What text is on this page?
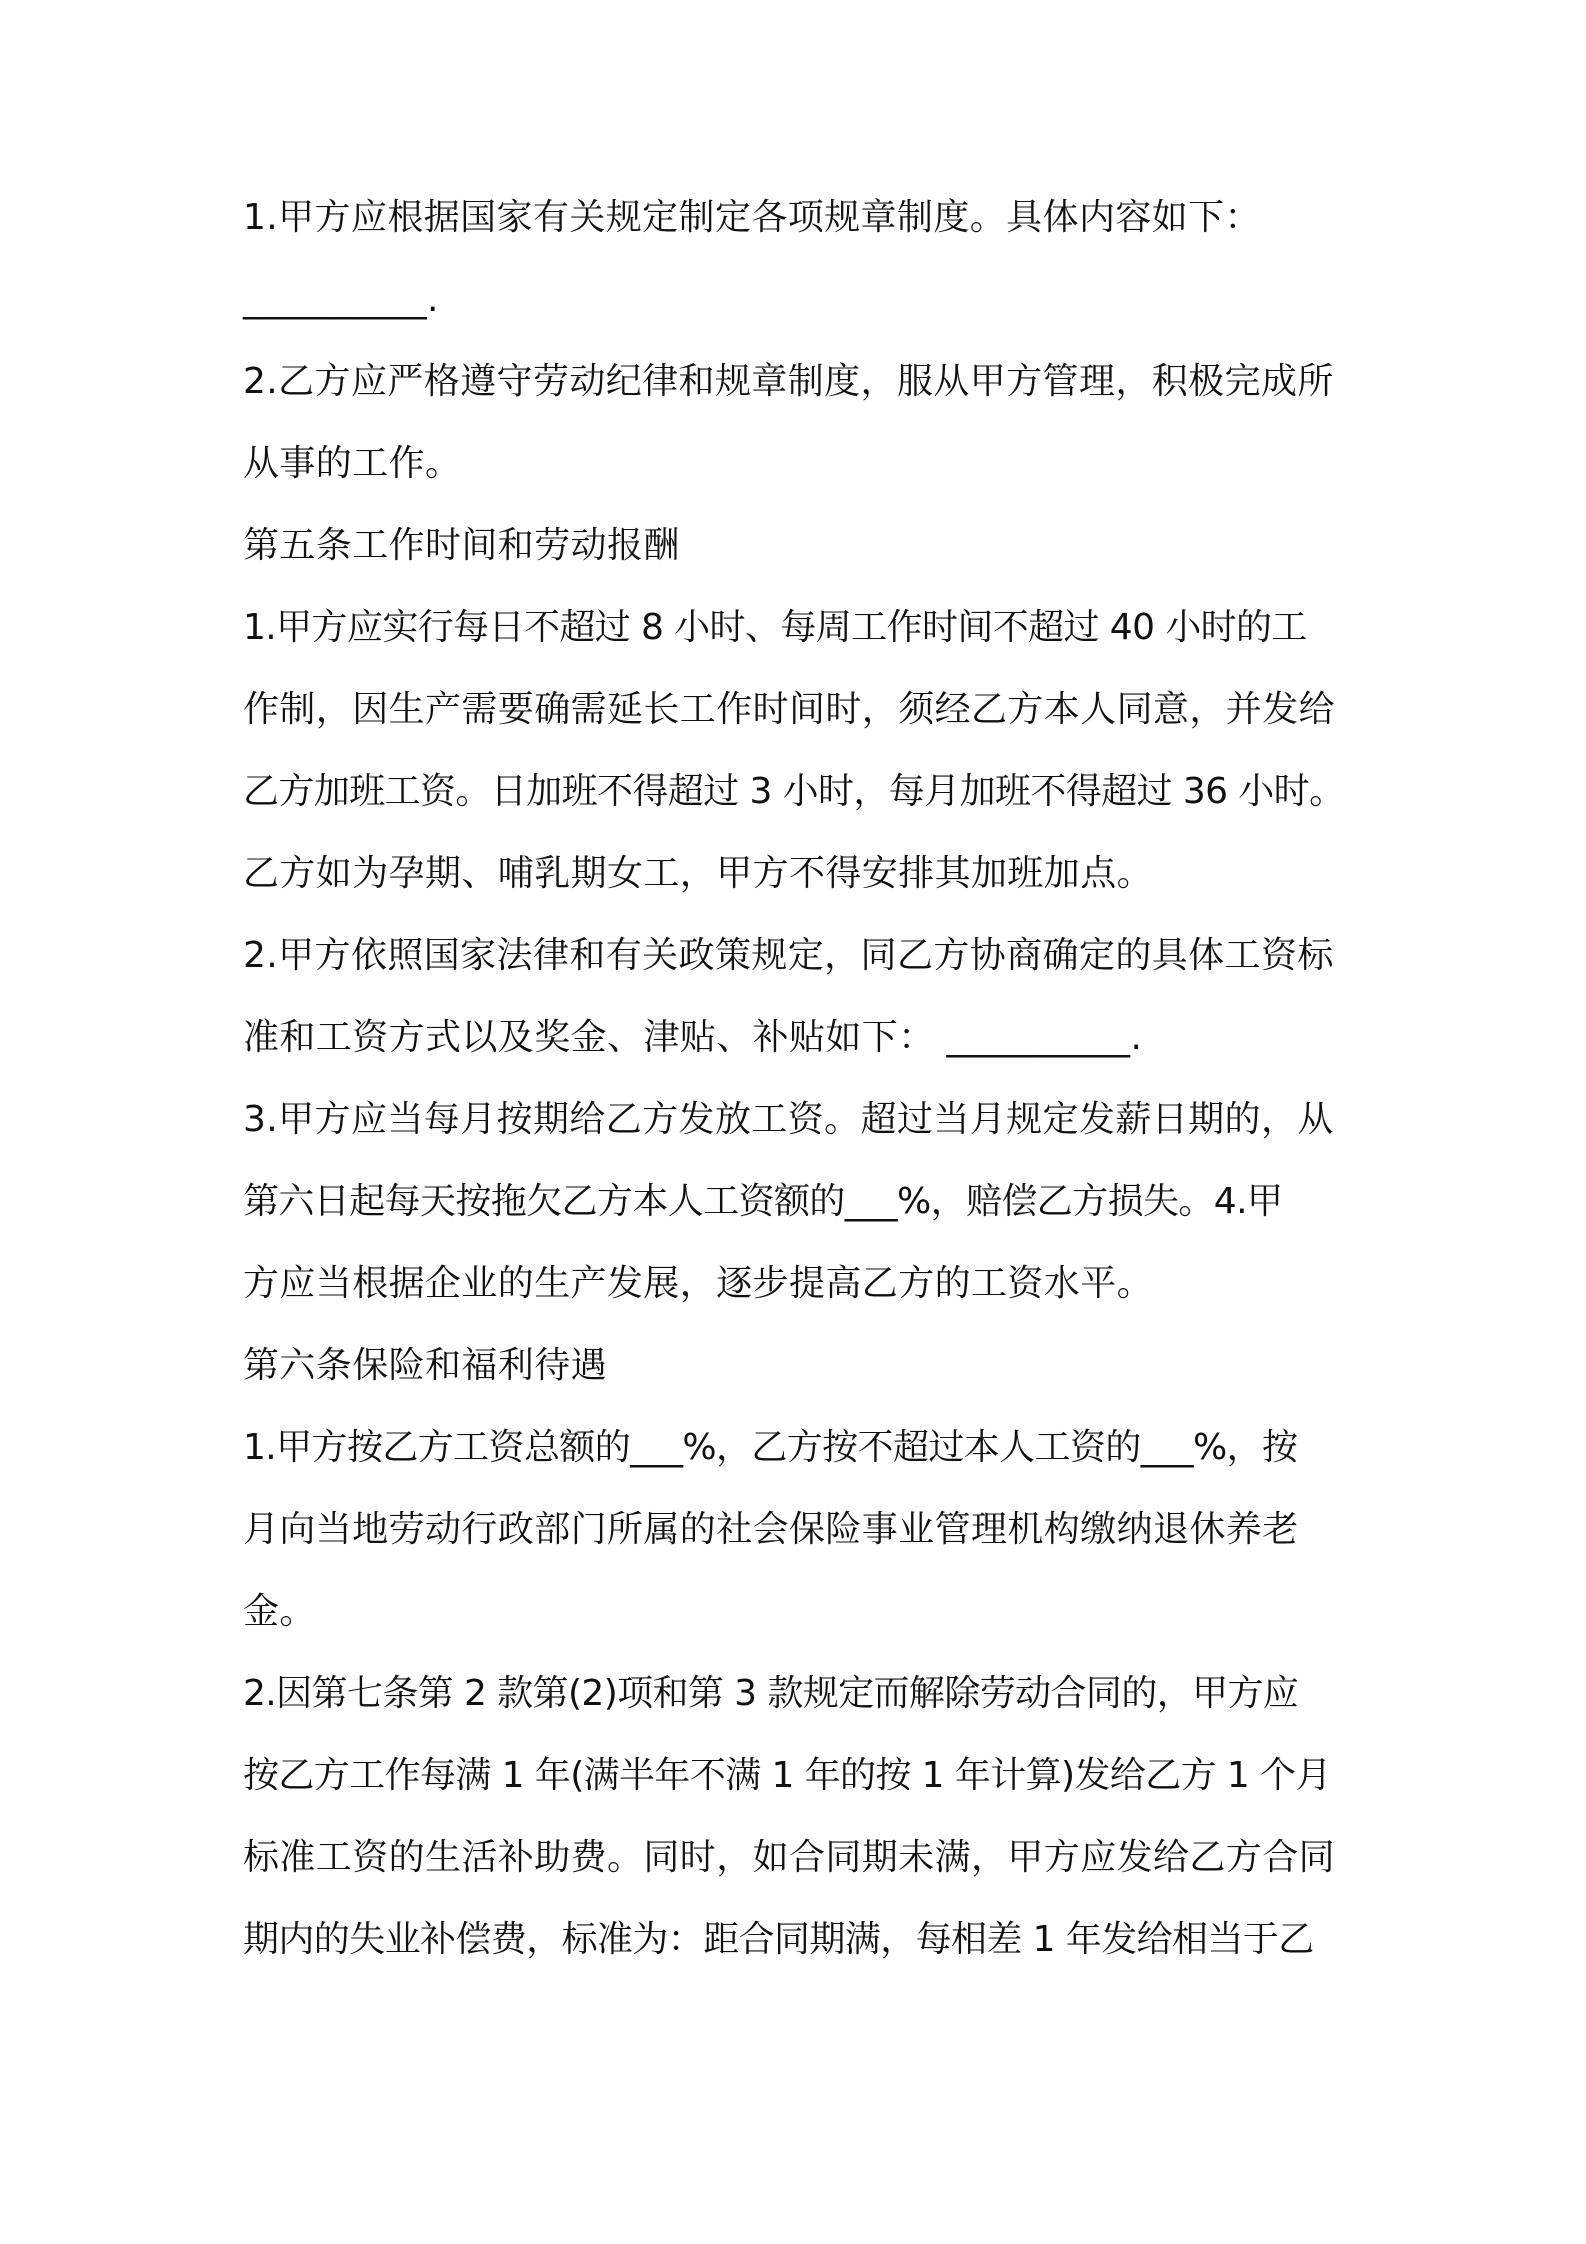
1.甲方应根据国家有关规定制定各项规章制度。具体内容如下：
__________.
2.乙方应严格遵守劳动纪律和规章制度，服从甲方管理，积极完成所
从事的工作。
第五条工作时间和劳动报酬
1.甲方应实行每日不超过 8 小时、每周工作时间不超过 40 小时的工
作制，因生产需要确需延长工作时间时，须经乙方本人同意，并发给
乙方加班工资。日加班不得超过 3 小时，每月加班不得超过 36 小时。
乙方如为孕期、哺乳期女工，甲方不得安排其加班加点。
2.甲方依照国家法律和有关政策规定，同乙方协商确定的具体工资标
准和工资方式以及奖金、津贴、补贴如下： __________.
3.甲方应当每月按期给乙方发放工资。超过当月规定发薪日期的，从
第六日起每天按拖欠乙方本人工资额的___%，赔偿乙方损失。4.甲
方应当根据企业的生产发展，逐步提高乙方的工资水平。
第六条保险和福利待遇
1.甲方按乙方工资总额的___%，乙方按不超过本人工资的___%，按
月向当地劳动行政部门所属的社会保险事业管理机构缴纳退休养老
金。
2.因第七条第 2 款第(2)项和第 3 款规定而解除劳动合同的，甲方应
按乙方工作每满 1 年(满半年不满 1 年的按 1 年计算)发给乙方 1 个月
标准工资的生活补助费。同时，如合同期未满，甲方应发给乙方合同
期内的失业补偿费，标准为：距合同期满，每相差 1 年发给相当于乙
